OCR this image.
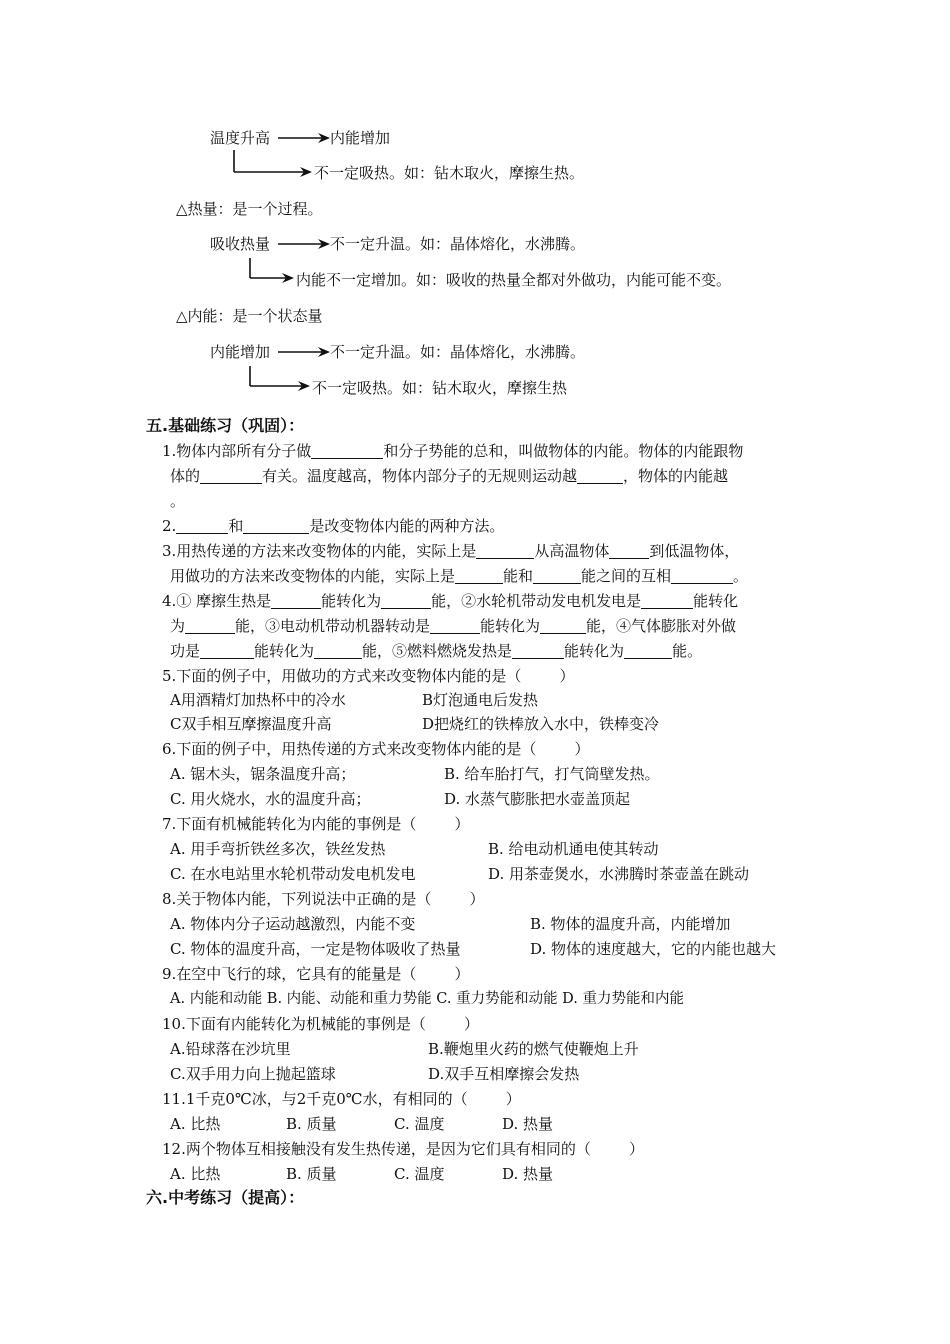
温度升高	内能增加
不一定吸热。如：钻木取火，摩擦生热。
△热量：是一个过程。
吸收热量	不一定升温。如：晶体熔化，水沸腾。
内能不一定增加。如：吸收的热量全都对外做功，内能可能不变。
△内能：是一个状态量
内能增加	不一定升温。如：晶体熔化，水沸腾。
不一定吸热。如：钻木取火，摩擦生热
五.基础练习（巩固）：
1.物体内部所有分子做	和分子势能的总和，叫做物体的内能。物体的内能跟物
体的	有关。温度越高，物体内部分子的无规则运动越	，物体的内能越
。
2.	和	是改变物体内能的两种方法。
3.用热传递的方法来改变物体的内能，实际上是	从高温物体	到低温物体，
用做功的方法来改变物体的内能，实际上是	能和	能之间的互相	。
4.① 摩擦生热是	能转化为	能，②水轮机带动发电机发电是	能转化
为	能，③电动机带动机器转动是	能转化为	能，④气体膨胀对外做
功是	能转化为	能，⑤燃料燃烧发热是	能转化为	能。
5.下面的例子中，用做功的方式来改变物体内能的是（        ）
A用酒精灯加热杯中的冷水	B灯泡通电后发热
C双手相互摩擦温度升高	D把烧红的铁棒放入水中，铁棒变冷
6.下面的例子中，用热传递的方式来改变物体内能的是（        ）
A. 锯木头，锯条温度升高；	B. 给车胎打气，打气筒壁发热。
C. 用火烧水，水的温度升高；	D. 水蒸气膨胀把水壶盖顶起
7.下面有机械能转化为内能的事例是（        ）
A. 用手弯折铁丝多次，铁丝发热	B. 给电动机通电使其转动
C. 在水电站里水轮机带动发电机发电	D. 用茶壶煲水，水沸腾时茶壶盖在跳动
8.关于物体内能，下列说法中正确的是（        ）
A. 物体内分子运动越激烈，内能不变	B. 物体的温度升高，内能增加
C. 物体的温度升高，一定是物体吸收了热量	D. 物体的速度越大，它的内能也越大
9.在空中飞行的球，它具有的能量是（        ）
A. 内能和动能 B. 内能、动能和重力势能 C. 重力势能和动能 D. 重力势能和内能
10.下面有内能转化为机械能的事例是（        ）
A.铅球落在沙坑里	B.鞭炮里火药的燃气使鞭炮上升
C.双手用力向上抛起篮球	D.双手互相摩擦会发热
11.1千克0℃冰，与2千克0℃水，有相同的（        ）
A. 比热	B. 质量	C. 温度	D. 热量
12.两个物体互相接触没有发生热传递，是因为它们具有相同的（        ）
A. 比热	B. 质量	C. 温度	D. 热量
六.中考练习（提高）：
